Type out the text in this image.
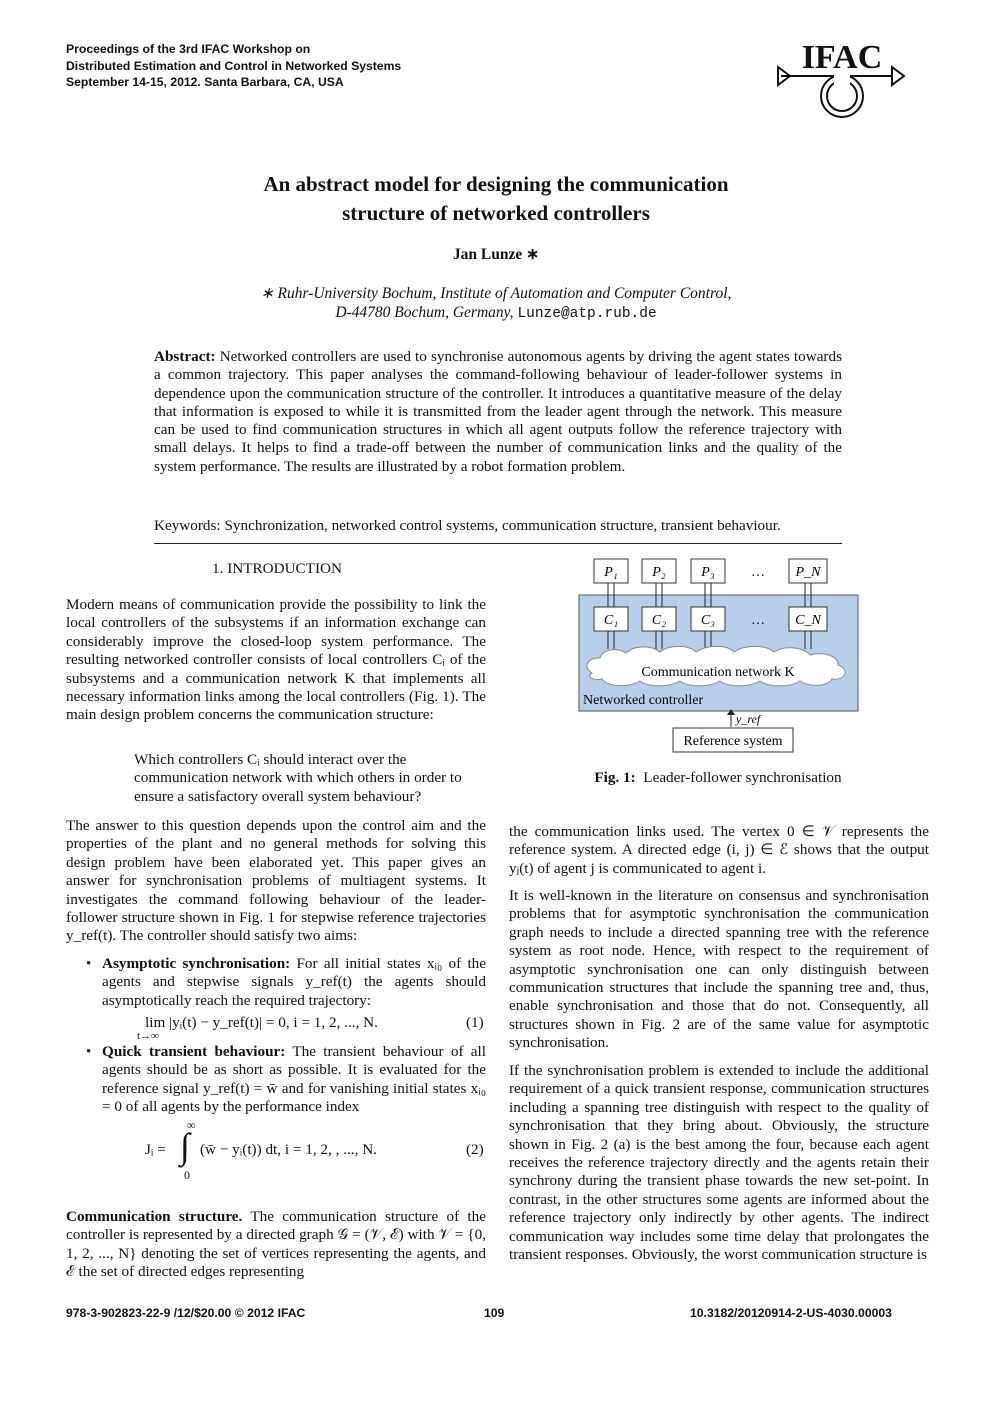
Proceedings of the 3rd IFAC Workshop on
Distributed Estimation and Control in Networked Systems
September 14-15, 2012. Santa Barbara, CA, USA
IFAC
An abstract model for designing the communication
structure of networked controllers
Jan Lunze ∗
∗ Ruhr-University Bochum, Institute of Automation and Computer Control,
D-44780 Bochum, Germany, Lunze@atp.rub.de
Abstract: Networked controllers are used to synchronise autonomous agents by driving the agent states towards a common trajectory. This paper analyses the command-following behaviour of leader-follower systems in dependence upon the communication structure of the controller. It introduces a quantitative measure of the delay that information is exposed to while it is transmitted from the leader agent through the network. This measure can be used to find communication structures in which all agent outputs follow the reference trajectory with small delays. It helps to find a trade-off between the number of communication links and the quality of the system performance. The results are illustrated by a robot formation problem.
Keywords: Synchronization, networked control systems, communication structure, transient behaviour.
1. INTRODUCTION

Modern means of communication provide the possibility to link the local controllers of the subsystems if an information exchange can considerably improve the closed-loop system performance. The resulting networked controller consists of local controllers Cᵢ of the subsystems and a communication network K that implements all necessary information links among the local controllers (Fig. 1). The main design problem concerns the communication structure:

Which controllers Cᵢ should interact over the communication network with which others in order to ensure a satisfactory overall system behaviour?

The answer to this question depends upon the control aim and the properties of the plant and no general methods for solving this design problem have been elaborated yet. This paper gives an answer for synchronisation problems of multiagent systems. It investigates the command following behaviour of the leader-follower structure shown in Fig. 1 for stepwise reference trajectories y_ref(t). The controller should satisfy two aims:

• Asymptotic synchronisation: For all initial states xᵢ₀ of the agents and stepwise signals y_ref(t) the agents should asymptotically reach the required trajectory:
lim |yᵢ(t) − y_ref(t)| = 0, i = 1, 2, ..., N.
t→∞
(1)
• Quick transient behaviour: The transient behaviour of all agents should be as short as possible. It is evaluated for the reference signal y_ref(t) = w̄ and for vanishing initial states xᵢ₀ = 0 of all agents by the performance index
Jᵢ =
∞
∫
0
(w̄ − yᵢ(t)) dt, i = 1, 2, , ..., N.	(2)
Communication structure. The communication structure of the controller is represented by a directed graph 𝒢 = (𝒱, ℰ) with 𝒱 = {0, 1, 2, ..., N} denoting the set of vertices representing the agents, and ℰ the set of directed edges representing
P₁ P₂	P₃	… P_N
C₁ C₂ C₃	… C_N
Communication network K
Networked controller
y_ref
Reference system
Fig. 1: Leader-follower synchronisation

the communication links used. The vertex 0 ∈ 𝒱 represents the reference system. A directed edge (i, j) ∈ ℰ shows that the output yⱼ(t) of agent j is communicated to agent i.

It is well-known in the literature on consensus and synchronisation problems that for asymptotic synchronisation the communication graph needs to include a directed spanning tree with the reference system as root node. Hence, with respect to the requirement of asymptotic synchronisation one can only distinguish between communication structures that include the spanning tree and, thus, enable synchronisation and those that do not. Consequently, all structures shown in Fig. 2 are of the same value for asymptotic synchronisation.

If the synchronisation problem is extended to include the additional requirement of a quick transient response, communication structures including a spanning tree distinguish with respect to the quality of synchronisation that they bring about. Obviously, the structure shown in Fig. 2 (a) is the best among the four, because each agent receives the reference trajectory directly and the agents retain their synchrony during the transient phase towards the new set-point. In contrast, in the other structures some agents are informed about the reference trajectory only indirectly by other agents. The indirect communication way includes some time delay that prolongates the transient responses. Obviously, the worst communication structure is

978-3-902823-22-9 /12/$20.00 © 2012 IFAC	109	10.3182/20120914-2-US-4030.00003
